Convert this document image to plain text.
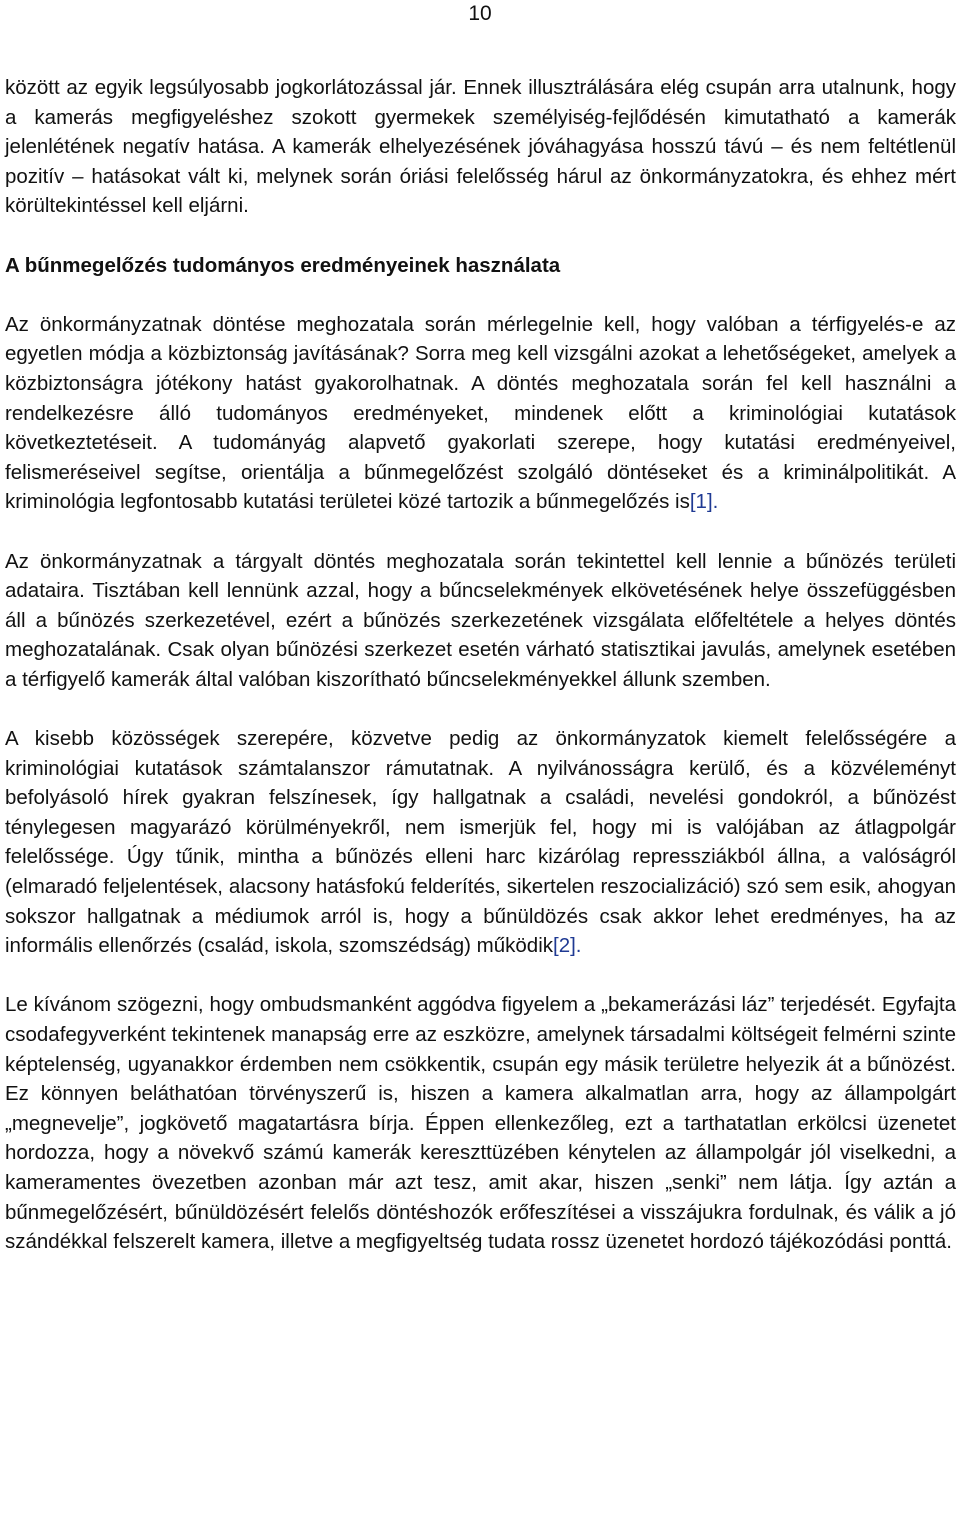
10

között az egyik legsúlyosabb jogkorlátozással jár. Ennek illusztrálására elég csupán arra utalnunk, hogy a kamerás megfigyeléshez szokott gyermekek személyiség-fejlődésén kimutatható a kamerák jelenlétének negatív hatása. A kamerák elhelyezésének jóváhagyása hosszú távú – és nem feltétlenül pozitív – hatásokat vált ki, melynek során óriási felelősség hárul az önkormányzatokra, és ehhez mért körültekintéssel kell eljárni.

A bűnmegelőzés tudományos eredményeinek használata

Az önkormányzatnak döntése meghozatala során mérlegelnie kell, hogy valóban a térfigyelés-e az egyetlen módja a közbiztonság javításának? Sorra meg kell vizsgálni azokat a lehetőségeket, amelyek a közbiztonságra jótékony hatást gyakorolhatnak. A döntés meghozatala során fel kell használni a rendelkezésre álló tudományos eredményeket, mindenek előtt a kriminológiai kutatások következtetéseit. A tudományág alapvető gyakorlati szerepe, hogy kutatási eredményeivel, felismeréseivel segítse, orientálja a bűnmegelőzést szolgáló döntéseket és a kriminálpolitikát. A kriminológia legfontosabb kutatási területei közé tartozik a bűnmegelőzés is[1].

Az önkormányzatnak a tárgyalt döntés meghozatala során tekintettel kell lennie a bűnözés területi adataira. Tisztában kell lennünk azzal, hogy a bűncselekmények elkövetésének helye összefüggésben áll a bűnözés szerkezetével, ezért a bűnözés szerkezetének vizsgálata előfeltétele a helyes döntés meghozatalának. Csak olyan bűnözési szerkezet esetén várható statisztikai javulás, amelynek esetében a térfigyelő kamerák által valóban kiszorítható bűncselekményekkel állunk szemben.

A kisebb közösségek szerepére, közvetve pedig az önkormányzatok kiemelt felelősségére a kriminológiai kutatások számtalanszor rámutatnak. A nyilvánosságra kerülő, és a közvéleményt befolyásoló hírek gyakran felszínesek, így hallgatnak a családi, nevelési gondokról, a bűnözést ténylegesen magyarázó körülményekről, nem ismerjük fel, hogy mi is valójában az átlagpolgár felelőssége. Úgy tűnik, mintha a bűnözés elleni harc kizárólag repressziákból állna, a valóságról (elmaradó feljelentések, alacsony hatásfokú felderítés, sikertelen reszocializáció) szó sem esik, ahogyan sokszor hallgatnak a médiumok arról is, hogy a bűnüldözés csak akkor lehet eredményes, ha az informális ellenőrzés (család, iskola, szomszédság) működik[2].

Le kívánom szögezni, hogy ombudsmanként aggódva figyelem a „bekamerázási láz” terjedését. Egyfajta csodafegyverként tekintenek manapság erre az eszközre, amelynek társadalmi költségeit felmérni szinte képtelenség, ugyanakkor érdemben nem csökkentik, csupán egy másik területre helyezik át a bűnözést. Ez könnyen beláthatóan törvényszerű is, hiszen a kamera alkalmatlan arra, hogy az állampolgárt „megnevelje”, jogkövető magatartásra bírja. Éppen ellenkezőleg, ezt a tarthatatlan erkölcsi üzenetet hordozza, hogy a növekvő számú kamerák kereszttüzében kénytelen az állampolgár jól viselkedni, a kameramentes övezetben azonban már azt tesz, amit akar, hiszen „senki” nem látja. Így aztán a bűnmegelőzésért, bűnüldözésért felelős döntéshozók erőfeszítései a visszájukra fordulnak, és válik a jó szándékkal felszerelt kamera, illetve a megfigyeltség tudata rossz üzenetet hordozó tájékozódási ponttá.
